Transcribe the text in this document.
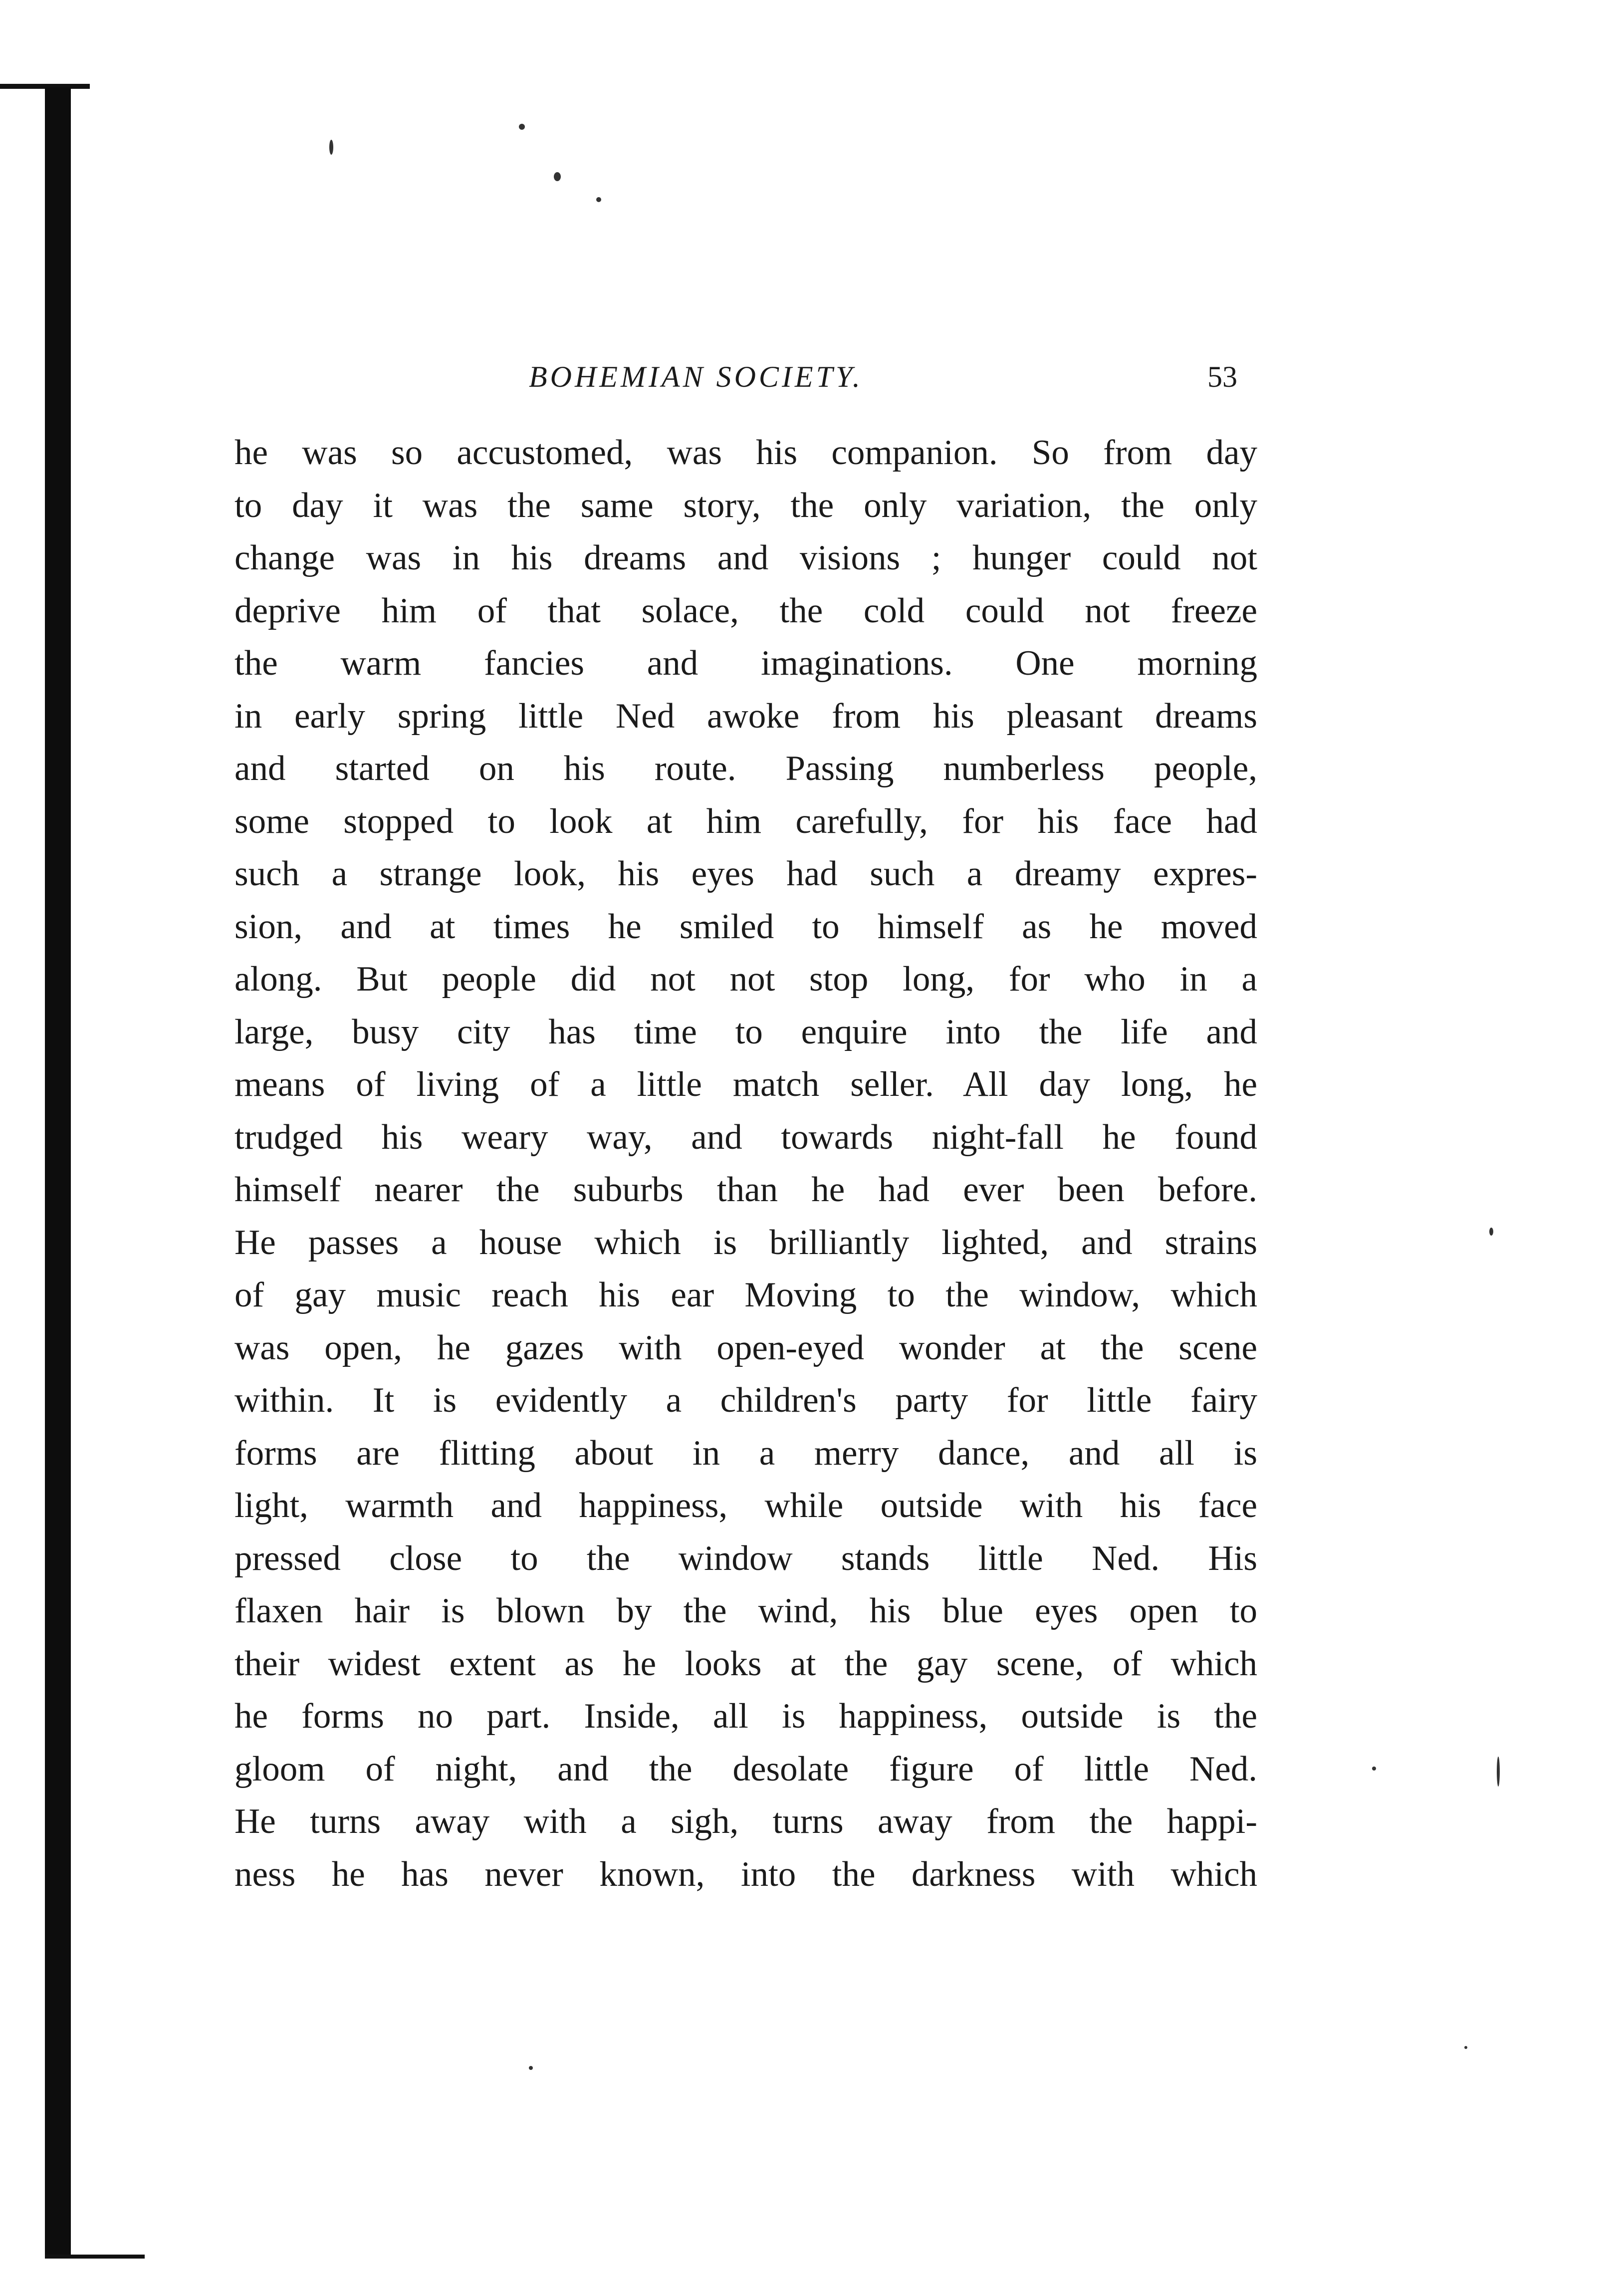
BOHEMIAN SOCIETY.	53
he was so accustomed, was his companion. So from day
to day it was the same story, the only variation, the only
change was in his dreams and visions ; hunger could not
deprive him of that solace, the cold could not freeze
the warm fancies and imaginations. One morning
in early spring little Ned awoke from his pleasant dreams
and started on his route. Passing numberless people,
some stopped to look at him carefully, for his face had
such a strange look, his eyes had such a dreamy expres-
sion, and at times he smiled to himself as he moved
along. But people did not not stop long, for who in a
large, busy city has time to enquire into the life and
means of living of a little match seller. All day long, he
trudged his weary way, and towards night-fall he found
himself nearer the suburbs than he had ever been before.
He passes a house which is brilliantly lighted, and strains
of gay music reach his ear Moving to the window, which
was open, he gazes with open-eyed wonder at the scene
within. It is evidently a children's party for little fairy
forms are flitting about in a merry dance, and all is
light, warmth and happiness, while outside with his face
pressed close to the window stands little Ned. His
flaxen hair is blown by the wind, his blue eyes open to
their widest extent as he looks at the gay scene, of which
he forms no part. Inside, all is happiness, outside is the
gloom of night, and the desolate figure of little Ned.
He turns away with a sigh, turns away from the happi-
ness he has never known, into the darkness with which
